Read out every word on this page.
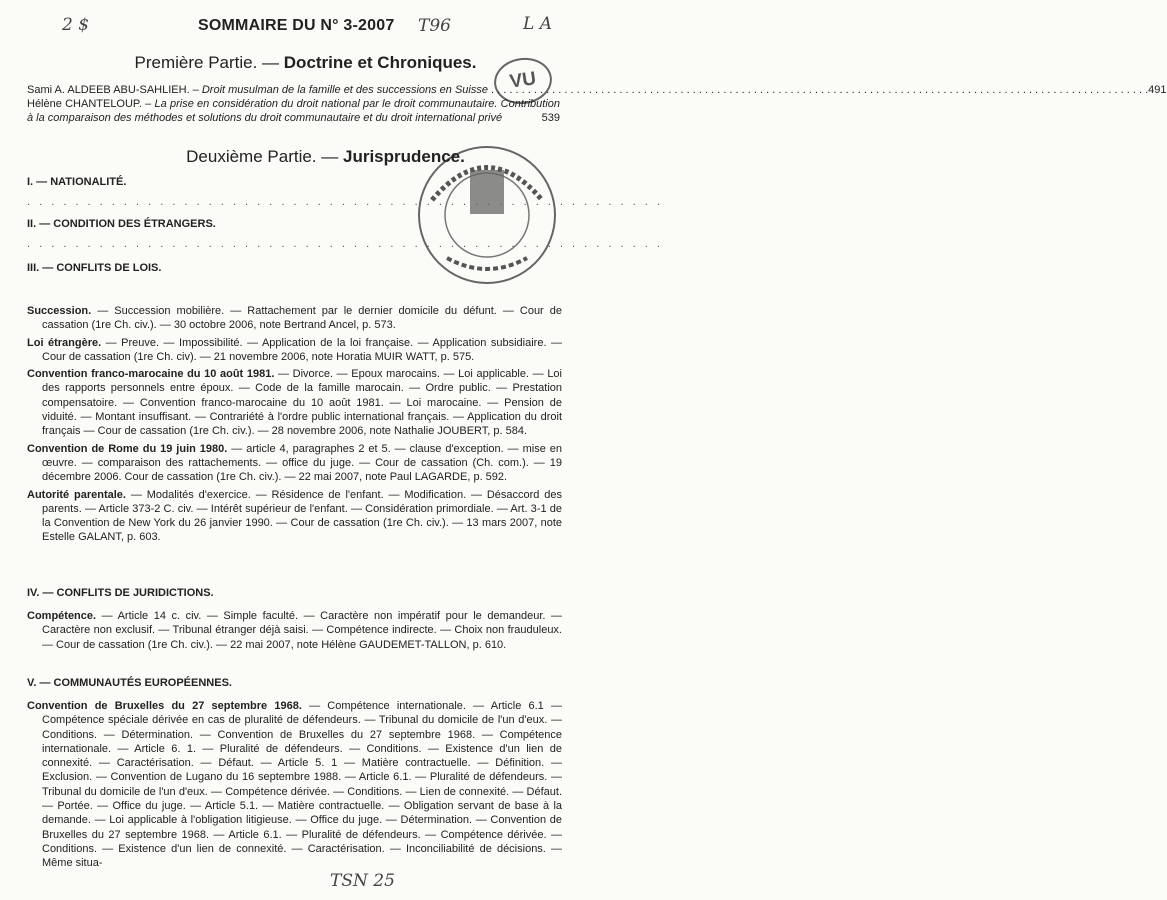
2 $	T96	L A
SOMMAIRE DU N° 3-2007
VU
Première Partie. — Doctrine et Chroniques.
Sami A. ALDEEB ABU-SAHLIEH. – Droit musulman de la famille et des successions en Suisse . . .	491
Hélène CHANTELOUP. – La prise en considération du droit national par le droit communautaire. Contribution à la comparaison des méthodes et solutions du droit communautaire et du droit international privé	539
Deuxième Partie. — Jurisprudence.
I. — NATIONALITÉ.
. . . . . . . . . . . . . . . . . . . . . . . . . . . . . . . . . . . . . . . . . . . . . . . . . . . . .
II. — CONDITION DES ÉTRANGERS.
. . . . . . . . . . . . . . . . . . . . . . . . . . . . . . . . . . . . . . . . . . . . . . . . . . . . .
III. — CONFLITS DE LOIS.

Succession. — Succession mobilière. — Rattachement par le dernier domicile du défunt. — Cour de cassation (1re Ch. civ.). — 30 octobre 2006, note Bertrand Ancel, p. 573.

Loi étrangère. — Preuve. — Impossibilité. — Application de la loi française. — Application subsidiaire. — Cour de cassation (1re Ch. civ). — 21 novembre 2006, note Horatia MUIR WATT, p. 575.

Convention franco-marocaine du 10 août 1981. — Divorce. — Epoux marocains. — Loi applicable. — Loi des rapports personnels entre époux. — Code de la famille marocain. — Ordre public. — Prestation compensatoire. — Convention franco-marocaine du 10 août 1981. — Loi marocaine. — Pension de viduité. — Montant insuffisant. — Contrariété à l'ordre public international français. — Application du droit français — Cour de cassation (1re Ch. civ.). — 28 novembre 2006, note Nathalie JOUBERT, p. 584.

Convention de Rome du 19 juin 1980. — article 4, paragraphes 2 et 5. — clause d'exception. — mise en œuvre. — comparaison des rattachements. — office du juge. — Cour de cassation (Ch. com.). — 19 décembre 2006. Cour de cassation (1re Ch. civ.). — 22 mai 2007, note Paul LAGARDE, p. 592.

Autorité parentale. — Modalités d'exercice. — Résidence de l'enfant. — Modification. — Désaccord des parents. — Article 373-2 C. civ. — Intérêt supérieur de l'enfant. — Considération primordiale. — Art. 3-1 de la Convention de New York du 26 janvier 1990. — Cour de cassation (1re Ch. civ.). — 13 mars 2007, note Estelle GALANT, p. 603.

IV. — CONFLITS DE JURIDICTIONS.

Compétence. — Article 14 c. civ. — Simple faculté. — Caractère non impératif pour le demandeur. — Caractère non exclusif. — Tribunal étranger déjà saisi. — Compétence indirecte. — Choix non frauduleux. — Cour de cassation (1re Ch. civ.). — 22 mai 2007, note Hélène GAUDEMET-TALLON, p. 610.

V. — COMMUNAUTÉS EUROPÉENNES.

Convention de Bruxelles du 27 septembre 1968. — Compétence internationale. — Article 6.1 — Compétence spéciale dérivée en cas de pluralité de défendeurs. — Tribunal du domicile de l'un d'eux. — Conditions. — Détermination. — Convention de Bruxelles du 27 septembre 1968. — Compétence internationale. — Article 6. 1. — Pluralité de défendeurs. — Conditions. — Existence d'un lien de connexité. — Caractérisation. — Défaut. — Article 5. 1 — Matière contractuelle. — Définition. — Exclusion. — Convention de Lugano du 16 septembre 1988. — Article 6.1. — Pluralité de défendeurs. — Tribunal du domicile de l'un d'eux. — Compétence dérivée. — Conditions. — Lien de connexité. — Défaut. — Portée. — Office du juge. — Article 5.1. — Matière contractuelle. — Obligation servant de base à la demande. — Loi applicable à l'obligation litigieuse. — Office du juge. — Détermination. — Convention de Bruxelles du 27 septembre 1968. — Article 6.1. — Pluralité de défendeurs. — Compétence dérivée. — Conditions. — Existence d'un lien de connexité. — Caractérisation. — Inconciliabilité de décisions. — Même situa-

TSN 25
